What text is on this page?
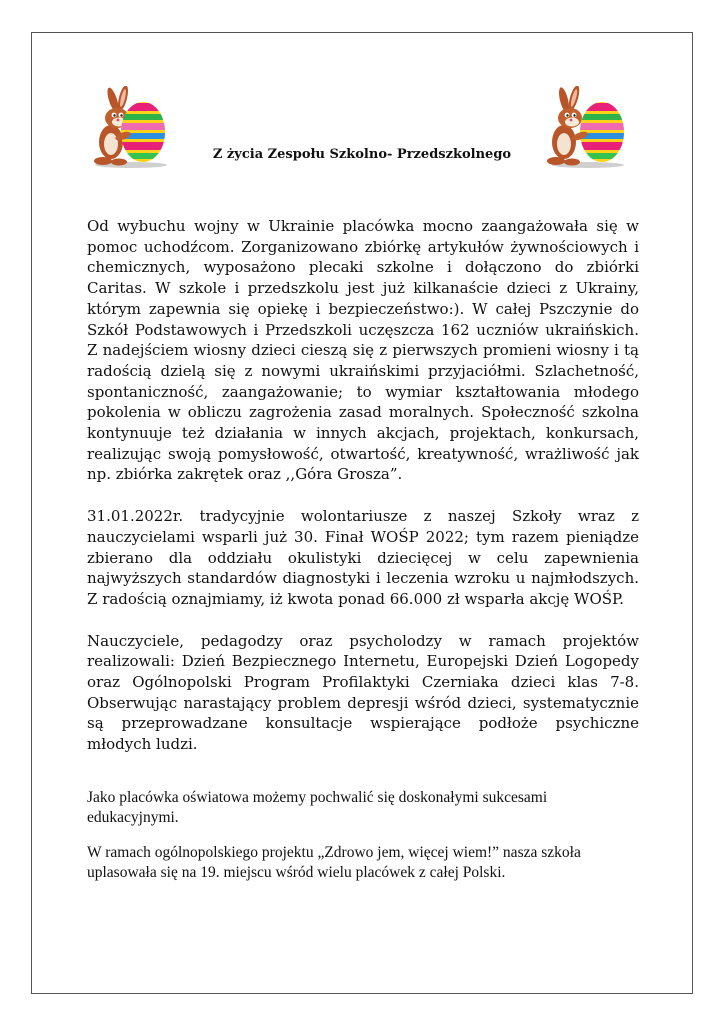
Z życia Zespołu Szkolno- Przedszkolnego

Od wybuchu wojny w Ukrainie placówka mocno zaangażowała się w pomoc uchodźcom. Zorganizowano zbiórkę artykułów żywnościowych i chemicznych, wyposażono plecaki szkolne i dołączono do zbiórki Caritas. W szkole i przedszkolu jest już kilkanaście dzieci z Ukrainy, którym zapewnia się opiekę i bezpieczeństwo:). W całej Pszczynie do Szkół Podstawowych i Przedszkoli uczęszcza 162 uczniów ukraińskich. Z nadejściem wiosny dzieci cieszą się z pierwszych promieni wiosny i tą radością dzielą się z nowymi ukraińskimi przyjaciółmi. Szlachetność, spontaniczność, zaangażowanie; to wymiar kształtowania młodego pokolenia w obliczu zagrożenia zasad moralnych. Społeczność szkolna kontynuuje też działania w innych akcjach, projektach, konkursach, realizując swoją pomysłowość, otwartość, kreatywność, wrażliwość jak np. zbiórka zakrętek oraz ,,Góra Grosza”.

31.01.2022r. tradycyjnie wolontariusze z naszej Szkoły wraz z nauczycielami wsparli już 30. Finał WOŚP 2022; tym razem pieniądze zbierano dla oddziału okulistyki dziecięcej w celu zapewnienia najwyższych standardów diagnostyki i leczenia wzroku u najmłodszych. Z radością oznajmiamy, iż kwota ponad 66.000 zł wsparła akcję WOŚP.

Nauczyciele, pedagodzy oraz psycholodzy w ramach projektów realizowali: Dzień Bezpiecznego Internetu, Europejski Dzień Logopedy oraz Ogólnopolski Program Profilaktyki Czerniaka dzieci klas 7-8. Obserwując narastający problem depresji wśród dzieci, systematycznie są przeprowadzane konsultacje wspierające podłoże psychiczne młodych ludzi.

Jako placówka oświatowa możemy pochwalić się doskonałymi sukcesami edukacyjnymi.

W ramach ogólnopolskiego projektu „Zdrowo jem, więcej wiem!” nasza szkoła uplasowała się na 19. miejscu wśród wielu placówek z całej Polski.
